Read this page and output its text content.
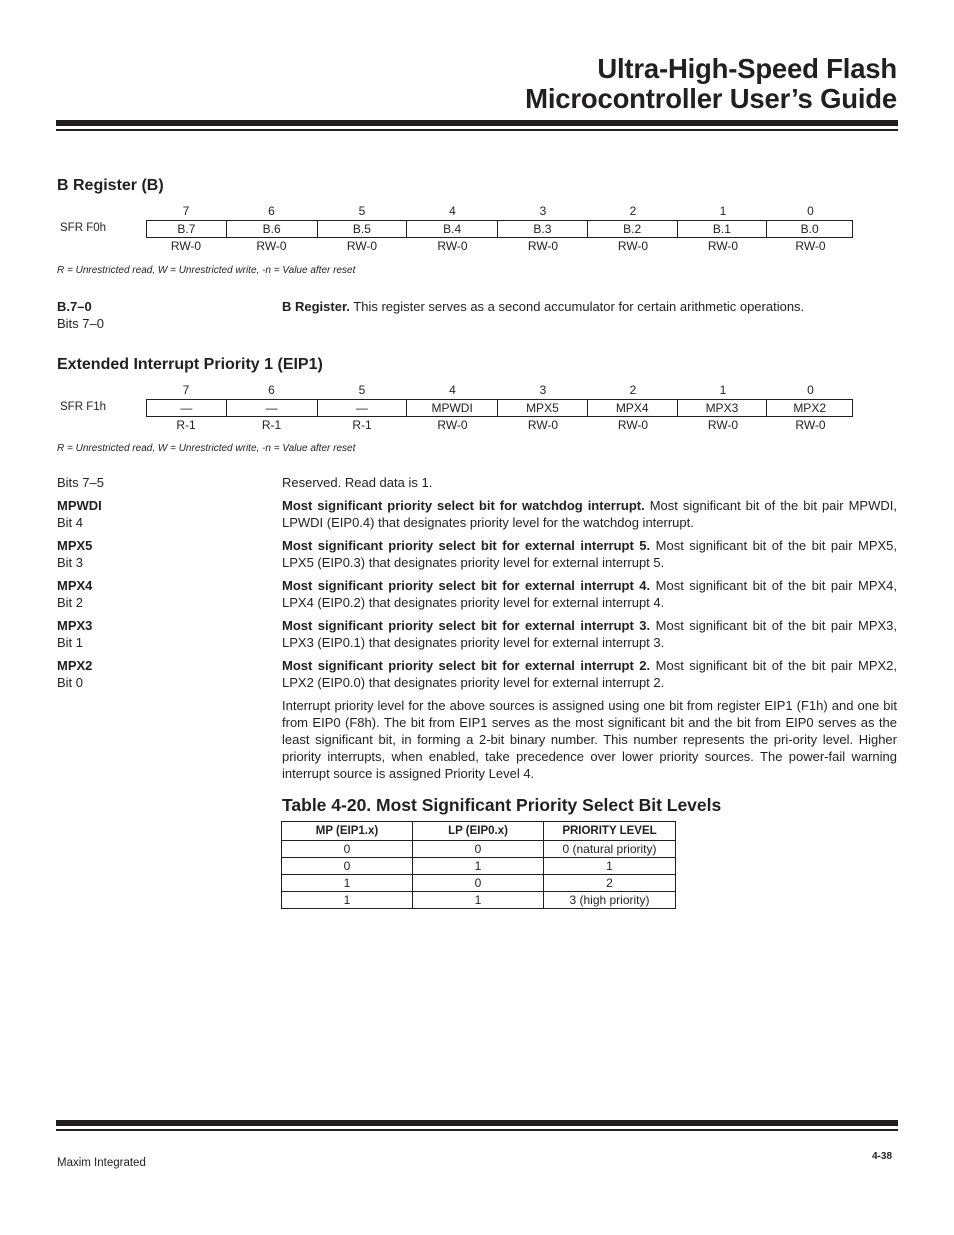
Ultra-High-Speed Flash
Microcontroller User’s Guide
B Register (B)
7	6	5	4	3	2	1	0
SFR F0h	B.7	B.6	B.5	B.4	B.3	B.2	B.1	B.0
RW-0	RW-0	RW-0	RW-0	RW-0	RW-0	RW-0	RW-0
R = Unrestricted read, W = Unrestricted write, -n = Value after reset
B.7–0
Bits 7–0
B Register. This register serves as a second accumulator for certain arithmetic operations.
Extended Interrupt Priority 1 (EIP1)
7	6	5	4	3	2	1	0
SFR F1h	—	—	—	MPWDI	MPX5	MPX4	MPX3	MPX2
R-1	R-1	R-1	RW-0	RW-0	RW-0	RW-0	RW-0
R = Unrestricted read, W = Unrestricted write, -n = Value after reset
Bits 7–5	Reserved. Read data is 1.
MPWDI
Bit 4
Most significant priority select bit for watchdog interrupt. Most significant bit of the bit pair MPWDI, LPWDI (EIP0.4) that designates priority level for the watchdog interrupt.
MPX5
Bit 3
Most significant priority select bit for external interrupt 5. Most significant bit of the bit pair MPX5, LPX5 (EIP0.3) that designates priority level for external interrupt 5.
MPX4
Bit 2
Most significant priority select bit for external interrupt 4. Most significant bit of the bit pair MPX4, LPX4 (EIP0.2) that designates priority level for external interrupt 4.
MPX3
Bit 1
Most significant priority select bit for external interrupt 3. Most significant bit of the bit pair MPX3, LPX3 (EIP0.1) that designates priority level for external interrupt 3.
MPX2
Bit 0
Most significant priority select bit for external interrupt 2. Most significant bit of the bit pair MPX2, LPX2 (EIP0.0) that designates priority level for external interrupt 2.
Interrupt priority level for the above sources is assigned using one bit from register EIP1 (F1h) and one bit from EIP0 (F8h). The bit from EIP1 serves as the most significant bit and the bit from EIP0 serves as the least significant bit, in forming a 2-bit binary number. This number represents the pri-ority level. Higher priority interrupts, when enabled, take precedence over lower priority sources. The power-fail warning interrupt source is assigned Priority Level 4.
Table 4-20. Most Significant Priority Select Bit Levels
MP (EIP1.x)	LP (EIP0.x)	PRIORITY LEVEL
0	0	0 (natural priority)
0	1	1
1	0	2
1	1	3 (high priority)
Maxim Integrated
4-38
